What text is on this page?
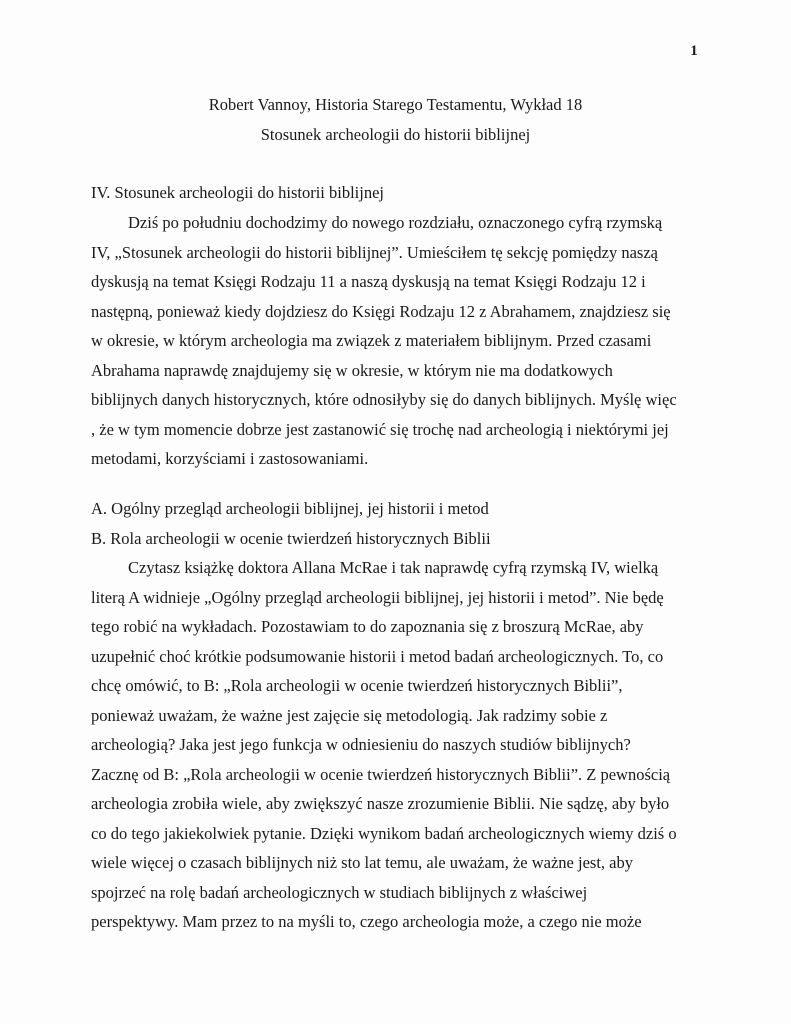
1
Robert Vannoy, Historia Starego Testamentu, Wykład 18
Stosunek archeologii do historii biblijnej
IV. Stosunek archeologii do historii biblijnej
Dziś po południu dochodzimy do nowego rozdziału, oznaczonego cyfrą rzymską
IV, „Stosunek archeologii do historii biblijnej”. Umieściłem tę sekcję pomiędzy naszą
dyskusją na temat Księgi Rodzaju 11 a naszą dyskusją na temat Księgi Rodzaju 12 i
następną, ponieważ kiedy dojdziesz do Księgi Rodzaju 12 z Abrahamem, znajdziesz się
w okresie, w którym archeologia ma związek z materiałem biblijnym. Przed czasami
Abrahama naprawdę znajdujemy się w okresie, w którym nie ma dodatkowych
biblijnych danych historycznych, które odnosiłyby się do danych biblijnych. Myślę więc
, że w tym momencie dobrze jest zastanowić się trochę nad archeologią i niektórymi jej
metodami, korzyściami i zastosowaniami.
A. Ogólny przegląd archeologii biblijnej, jej historii i metod
B. Rola archeologii w ocenie twierdzeń historycznych Biblii
Czytasz książkę doktora Allana McRae i tak naprawdę cyfrą rzymską IV, wielką
literą A widnieje „Ogólny przegląd archeologii biblijnej, jej historii i metod”. Nie będę
tego robić na wykładach. Pozostawiam to do zapoznania się z broszurą McRae, aby
uzupełnić choć krótkie podsumowanie historii i metod badań archeologicznych. To, co
chcę omówić, to B: „Rola archeologii w ocenie twierdzeń historycznych Biblii”,
ponieważ uważam, że ważne jest zajęcie się metodologią. Jak radzimy sobie z
archeologią? Jaka jest jego funkcja w odniesieniu do naszych studiów biblijnych?
Zacznę od B: „Rola archeologii w ocenie twierdzeń historycznych Biblii”. Z pewnością
archeologia zrobiła wiele, aby zwiększyć nasze zrozumienie Biblii. Nie sądzę, aby było
co do tego jakiekolwiek pytanie. Dzięki wynikom badań archeologicznych wiemy dziś o
wiele więcej o czasach biblijnych niż sto lat temu, ale uważam, że ważne jest, aby
spojrzeć na rolę badań archeologicznych w studiach biblijnych z właściwej
perspektywy. Mam przez to na myśli to, czego archeologia może, a czego nie może
